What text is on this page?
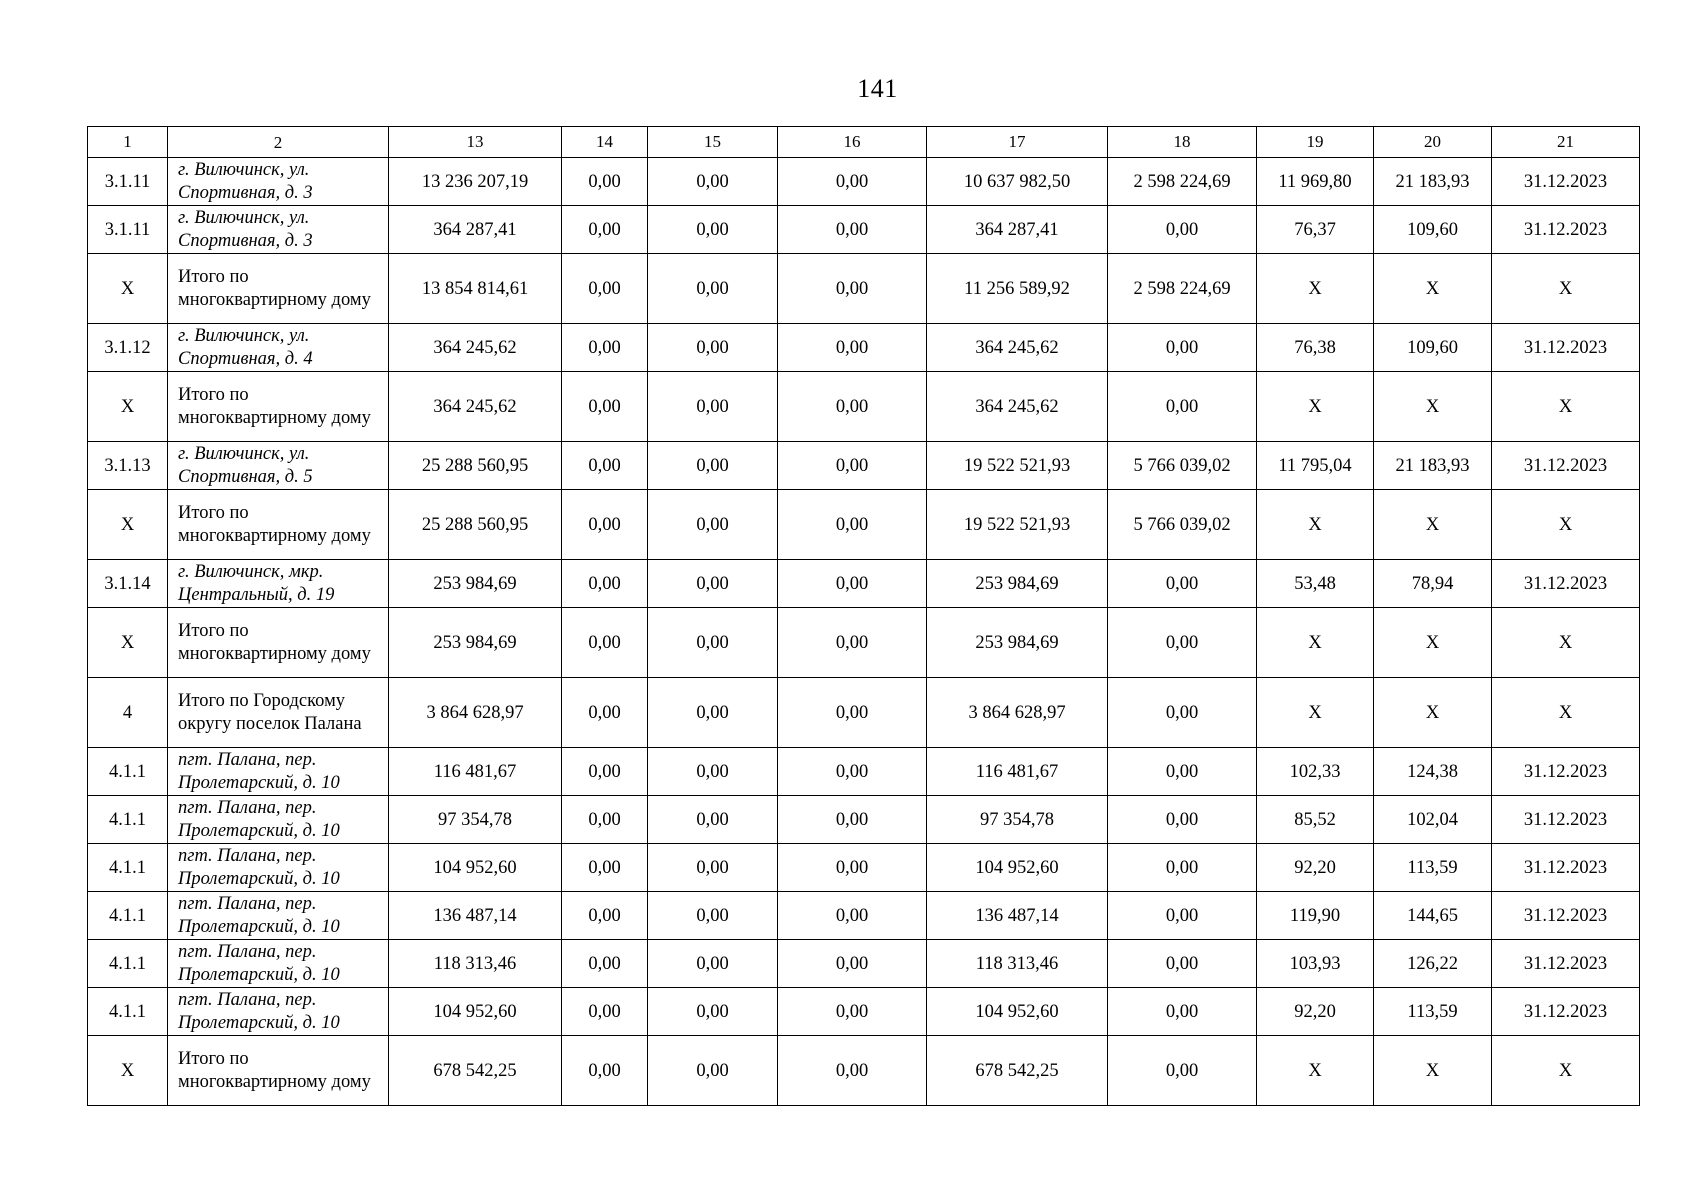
141
1	2	13	14	15	16	17	18	19	20	21
3.1.11	г. Вилючинск, ул. Спортивная, д. 3	13 236 207,19	0,00	0,00	0,00	10 637 982,50	2 598 224,69	11 969,80	21 183,93	31.12.2023
3.1.11	г. Вилючинск, ул. Спортивная, д. 3	364 287,41	0,00	0,00	0,00	364 287,41	0,00	76,37	109,60	31.12.2023
X	Итого по многоквартирному дому	13 854 814,61	0,00	0,00	0,00	11 256 589,92	2 598 224,69	X	X	X
3.1.12	г. Вилючинск, ул. Спортивная, д. 4	364 245,62	0,00	0,00	0,00	364 245,62	0,00	76,38	109,60	31.12.2023
X	Итого по многоквартирному дому	364 245,62	0,00	0,00	0,00	364 245,62	0,00	X	X	X
3.1.13	г. Вилючинск, ул. Спортивная, д. 5	25 288 560,95	0,00	0,00	0,00	19 522 521,93	5 766 039,02	11 795,04	21 183,93	31.12.2023
X	Итого по многоквартирному дому	25 288 560,95	0,00	0,00	0,00	19 522 521,93	5 766 039,02	X	X	X
3.1.14	г. Вилючинск, мкр. Центральный, д. 19	253 984,69	0,00	0,00	0,00	253 984,69	0,00	53,48	78,94	31.12.2023
X	Итого по многоквартирному дому	253 984,69	0,00	0,00	0,00	253 984,69	0,00	X	X	X
4	Итого по Городскому округу поселок Палана	3 864 628,97	0,00	0,00	0,00	3 864 628,97	0,00	X	X	X
4.1.1	пгт. Палана, пер. Пролетарский, д. 10	116 481,67	0,00	0,00	0,00	116 481,67	0,00	102,33	124,38	31.12.2023
4.1.1	пгт. Палана, пер. Пролетарский, д. 10	97 354,78	0,00	0,00	0,00	97 354,78	0,00	85,52	102,04	31.12.2023
4.1.1	пгт. Палана, пер. Пролетарский, д. 10	104 952,60	0,00	0,00	0,00	104 952,60	0,00	92,20	113,59	31.12.2023
4.1.1	пгт. Палана, пер. Пролетарский, д. 10	136 487,14	0,00	0,00	0,00	136 487,14	0,00	119,90	144,65	31.12.2023
4.1.1	пгт. Палана, пер. Пролетарский, д. 10	118 313,46	0,00	0,00	0,00	118 313,46	0,00	103,93	126,22	31.12.2023
4.1.1	пгт. Палана, пер. Пролетарский, д. 10	104 952,60	0,00	0,00	0,00	104 952,60	0,00	92,20	113,59	31.12.2023
X	Итого по многоквартирному дому	678 542,25	0,00	0,00	0,00	678 542,25	0,00	X	X	X
